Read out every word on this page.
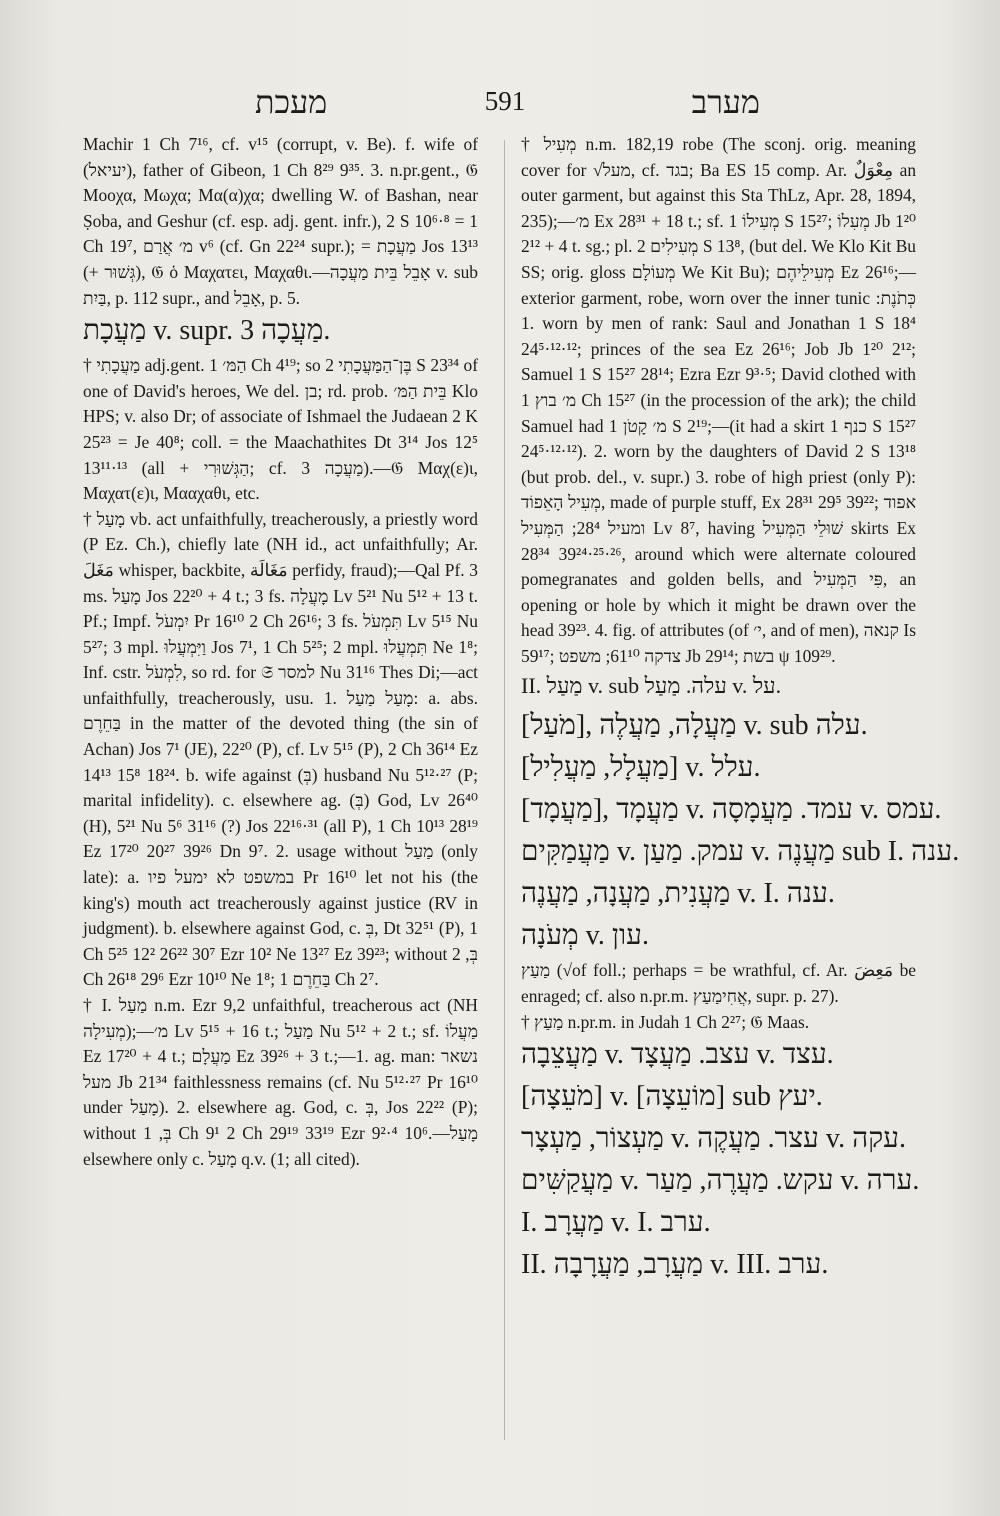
מעכת	591	מערב

Machir 1 Ch 7¹⁶, cf. v¹⁵ (corrupt, v. Be). f. wife of (יעיאל), father of Gibeon, 1 Ch 8²⁹ 9³⁵. 3. n.pr.gent., 𝔊 Μοοχα, Μωχα; Μα(α)χα; dwelling W. of Bashan, near Ṣoba, and Geshur (cf. esp. adj. gent. infr.), 2 S 10⁶·⁸ = 1 Ch 19⁷, מ׳ אֲרַם v⁶ (cf. Gn 22²⁴ supr.); = מַעֲכָת Jos 13¹³ (+ גְּשׁוּר), 𝔊 ὁ Μαχατει, Μαχαθι.—אָבֵל בֵּית מַעֲכָה v. sub בַּיִת, p. 112 supr., and אָבֵל, p. 5.

מַעֲכָת v. supr. מַעֲכָה 3.

† מַעֲכָתִי adj.gent. הַמּ׳ 1 Ch 4¹⁹; so בֶּן־הַמַּעֲכָתִי 2 S 23³⁴ of one of David's heroes, We del. בן; rd. prob. בֵּית הַמּ׳ Klo HPS; v. also Dr; of associate of Ishmael the Judaean 2 K 25²³ = Je 40⁸; coll. = the Maachathites Dt 3¹⁴ Jos 12⁵ 13¹¹·¹³ (all + הַגְּשׁוּרִי; cf. מַעֲכָה 3).—𝔊 Μαχ(ε)ι, Μαχατ(ε)ι, Μααχαθι, etc.

† מָעַל vb. act unfaithfully, treacherously, a priestly word (P Ez. Ch.), chiefly late (NH id., act unfaithfully; Ar. مَغَلَ whisper, backbite, مَغَالَة perfidy, fraud);—Qal Pf. 3 ms. מָעַל Jos 22²⁰ + 4 t.; 3 fs. מָעֲלָה Lv 5²¹ Nu 5¹² + 13 t. Pf.; Impf. יִמְעֹל Pr 16¹⁰ 2 Ch 26¹⁶; 3 fs. תִּמְעֹל Lv 5¹⁵ Nu 5²⁷; 3 mpl. וַיִּמְעֲלוּ Jos 7¹, 1 Ch 5²⁵; 2 mpl. תִּמְעֲלוּ Ne 1⁸; Inf. cstr. לִמְעֹל, so rd. for 𝔖 למסר Nu 31¹⁶ Thes Di;—act unfaithfully, treacherously, usu. 1. מָעַל מַעַל: a. abs. בַּחֵרֶם in the matter of the devoted thing (the sin of Achan) Jos 7¹ (JE), 22²⁰ (P), cf. Lv 5¹⁵ (P), 2 Ch 36¹⁴ Ez 14¹³ 15⁸ 18²⁴. b. wife against (בְּ) husband Nu 5¹²·²⁷ (P; marital infidelity). c. elsewhere ag. (בְּ) God, Lv 26⁴⁰ (H), 5²¹ Nu 5⁶ 31¹⁶ (?) Jos 22¹⁶·³¹ (all P), 1 Ch 10¹³ 28¹⁹ Ez 17²⁰ 20²⁷ 39²⁶ Dn 9⁷. 2. usage without מַעַל (only late): a. במשפט לא ימעל פיו Pr 16¹⁰ let not his (the king's) mouth act treacherously against justice (RV in judgment). b. elsewhere against God, c. בְּ, Dt 32⁵¹ (P), 1 Ch 5²⁵ 12² 26²² 30⁷ Ezr 10² Ne 13²⁷ Ez 39²³; without בְּ, 2 Ch 26¹⁸ 29⁶ Ezr 10¹⁰ Ne 1⁸; בַּחֵרֶם 1 Ch 2⁷.

† I. מַעַל n.m. Ezr 9,2 unfaithful, treacherous act (NH מְעִילָה);—מ׳ Lv 5¹⁵ + 16 t.; מַעַל Nu 5¹² + 2 t.; sf. מַעֲלוֹ Ez 17²⁰ + 4 t.; מַעֲלָם Ez 39²⁶ + 3 t.;—1. ag. man: נשאר מעל Jb 21³⁴ faithlessness remains (cf. Nu 5¹²·²⁷ Pr 16¹⁰ under מָעַל). 2. elsewhere ag. God, c. בְּ, Jos 22²² (P); without בְּ, 1 Ch 9¹ 2 Ch 29¹⁹ 33¹⁹ Ezr 9²·⁴ 10⁶.—מָעַל elsewhere only c. מָעַל q.v. (1; all cited).

† מְעִיל n.m. 182,19 robe (The sconj. orig. meaning cover for √מעל, cf. בגד; Ba ES 15 comp. Ar. مِعْوَلٌ an outer garment, but against this Sta ThLz, Apr. 28, 1894, 235);—מ׳ Ex 28³¹ + 18 t.; sf. מְעִילוֹ 1 S 15²⁷; מְעִלוֹ Jb 1²⁰ 2¹² + 4 t. sg.; pl. מְעִילִים 2 S 13⁸, (but del. We Klo Kit Bu SS; orig. gloss מְעוֹלָם We Kit Bu); מְעִילֵיהֶם Ez 26¹⁶;—exterior garment, robe, worn over the inner tunic כְּתֹנֶת: 1. worn by men of rank: Saul and Jonathan 1 S 18⁴ 24⁵·¹²·¹²; princes of the sea Ez 26¹⁶; Job Jb 1²⁰ 2¹²; Samuel 1 S 15²⁷ 28¹⁴; Ezra Ezr 9³·⁵; David clothed with מ׳ בוץ 1 Ch 15²⁷ (in the procession of the ark); the child Samuel had מ׳ קָטֹן 1 S 2¹⁹;—(it had a skirt כנף 1 S 15²⁷ 24⁵·¹²·¹²). 2. worn by the daughters of David 2 S 13¹⁸ (but prob. del., v. supr.) 3. robe of high priest (only P): מְעִיל הָאֵפוֹד, made of purple stuff, Ex 28³¹ 29⁵ 39²²; אפוד ומעיל 28⁴; הַמְּעִיל Lv 8⁷, having שׁוּלֵי הַמְּעִיל skirts Ex 28³⁴ 39²⁴·²⁵·²⁶, around which were alternate coloured pomegranates and golden bells, and פִּי הַמְּעִיל, an opening or hole by which it might be drawn over the head 39²³. 4. fig. of attributes (of י׳, and of men), קנאה Is 59¹⁷; צדקה 61¹⁰; משפט Jb 29¹⁴; בשת ψ 109²⁹.

II. מַעַל v. sub עלה. מַעַל v. על.

[מֹעַל], מַעֲלָה, מַעֲלֶה v. sub עלה.

[מַעֲלָל, מַעֲלִיל] v. עלל.

[מַעֲמָד], מַעֲמָד v. עמד. מַעֲמָסָה v. עמס.

מַעֲמַקִּים v. עמק. מַעַן v. מַעֲנֶה sub I. ענה.

מַעֲנִית, מַעֲנָה, מַעֲנֶה v. I. ענה.

מְעֹנָה v. עון.

מַעַץ (√of foll.; perhaps = be wrathful, cf. Ar. مَعِضَ be enraged; cf. also n.pr.m. אֲחִימַעַץ, supr. p. 27).

† מַעַץ n.pr.m. in Judah 1 Ch 2²⁷; 𝔊 Μaas.

מַעֲצֵבָה v. עצב. מַעֲצָד v. עצד.

[מֹעֵצָה] v. [מוֹעֵצָה] sub יעץ.

מַעְצוֹר, מַעְצָר v. עצר. מַעֲקֶה v. עקה.

מַעֲקַשִּׁים v. עקש. מַעֲרֶה, מַעַר v. ערה.

I. מַעֲרָב v. I. ערב.

II. מַעֲרָב, מַעֲרָבָה v. III. ערב.
